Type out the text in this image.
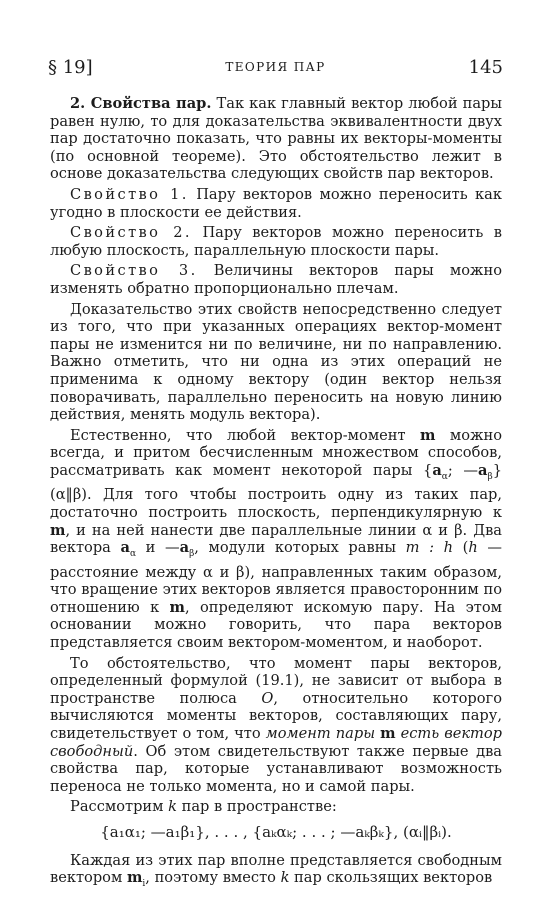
§ 19]	ТЕОРИЯ ПАР	145

2. Свойства пар. Так как главный вектор любой пары равен нулю, то для доказательства эквивалентности двух пар достаточно показать, что равны их векторы-моменты (по основной теореме). Это обстоятельство лежит в основе доказательства следующих свойств пар векторов.

Свойство 1. Пару векторов можно переносить как угодно в плоскости ее действия.

Свойство 2. Пару векторов можно переносить в любую плоскость, параллельную плоскости пары.

Свойство 3. Величины векторов пары можно изменять обратно пропорционально плечам.

Доказательство этих свойств непосредственно следует из того, что при указанных операциях вектор-момент пары не изменится ни по величине, ни по направлению. Важно отметить, что ни одна из этих операций не применима к одному вектору (один вектор нельзя поворачивать, параллельно переносить на новую линию действия, менять модуль вектора).

Естественно, что любой вектор-момент m можно всегда, и притом бесчисленным множеством способов, рассматривать как момент некоторой пары {$a_\alpha$; $—a_\beta$} (α‖β). Для того чтобы построить одну из таких пар, достаточно построить плоскость, перпендикулярную к m, и на ней нанести две параллельные линии α и β. Два вектора $a_\alpha$ и $—a_\beta$, модули которых равны m : h (h — расстояние между α и β), направленных таким образом, что вращение этих векторов является правосторонним по отношению к m, определяют искомую пару. На этом основании можно говорить, что пара векторов представляется своим вектором-моментом, и наоборот.

То обстоятельство, что момент пары векторов, определенный формулой (19.1), не зависит от выбора в пространстве полюса O, относительно которого вычисляются моменты векторов, составляющих пару, свидетельствует о том, что момент пары m есть вектор свободный. Об этом свидетельствуют также первые два свойства пар, которые устанавливают возможность переноса не только момента, но и самой пары.

Рассмотрим k пар в пространстве:

{a₁α₁; —a₁β₁}, . . . , {aₖαₖ; . . . ; —aₖβₖ}, (αᵢ‖βᵢ).

Каждая из этих пар вполне представляется свободным вектором $m_i$, поэтому вместо k пар скользящих векторов
